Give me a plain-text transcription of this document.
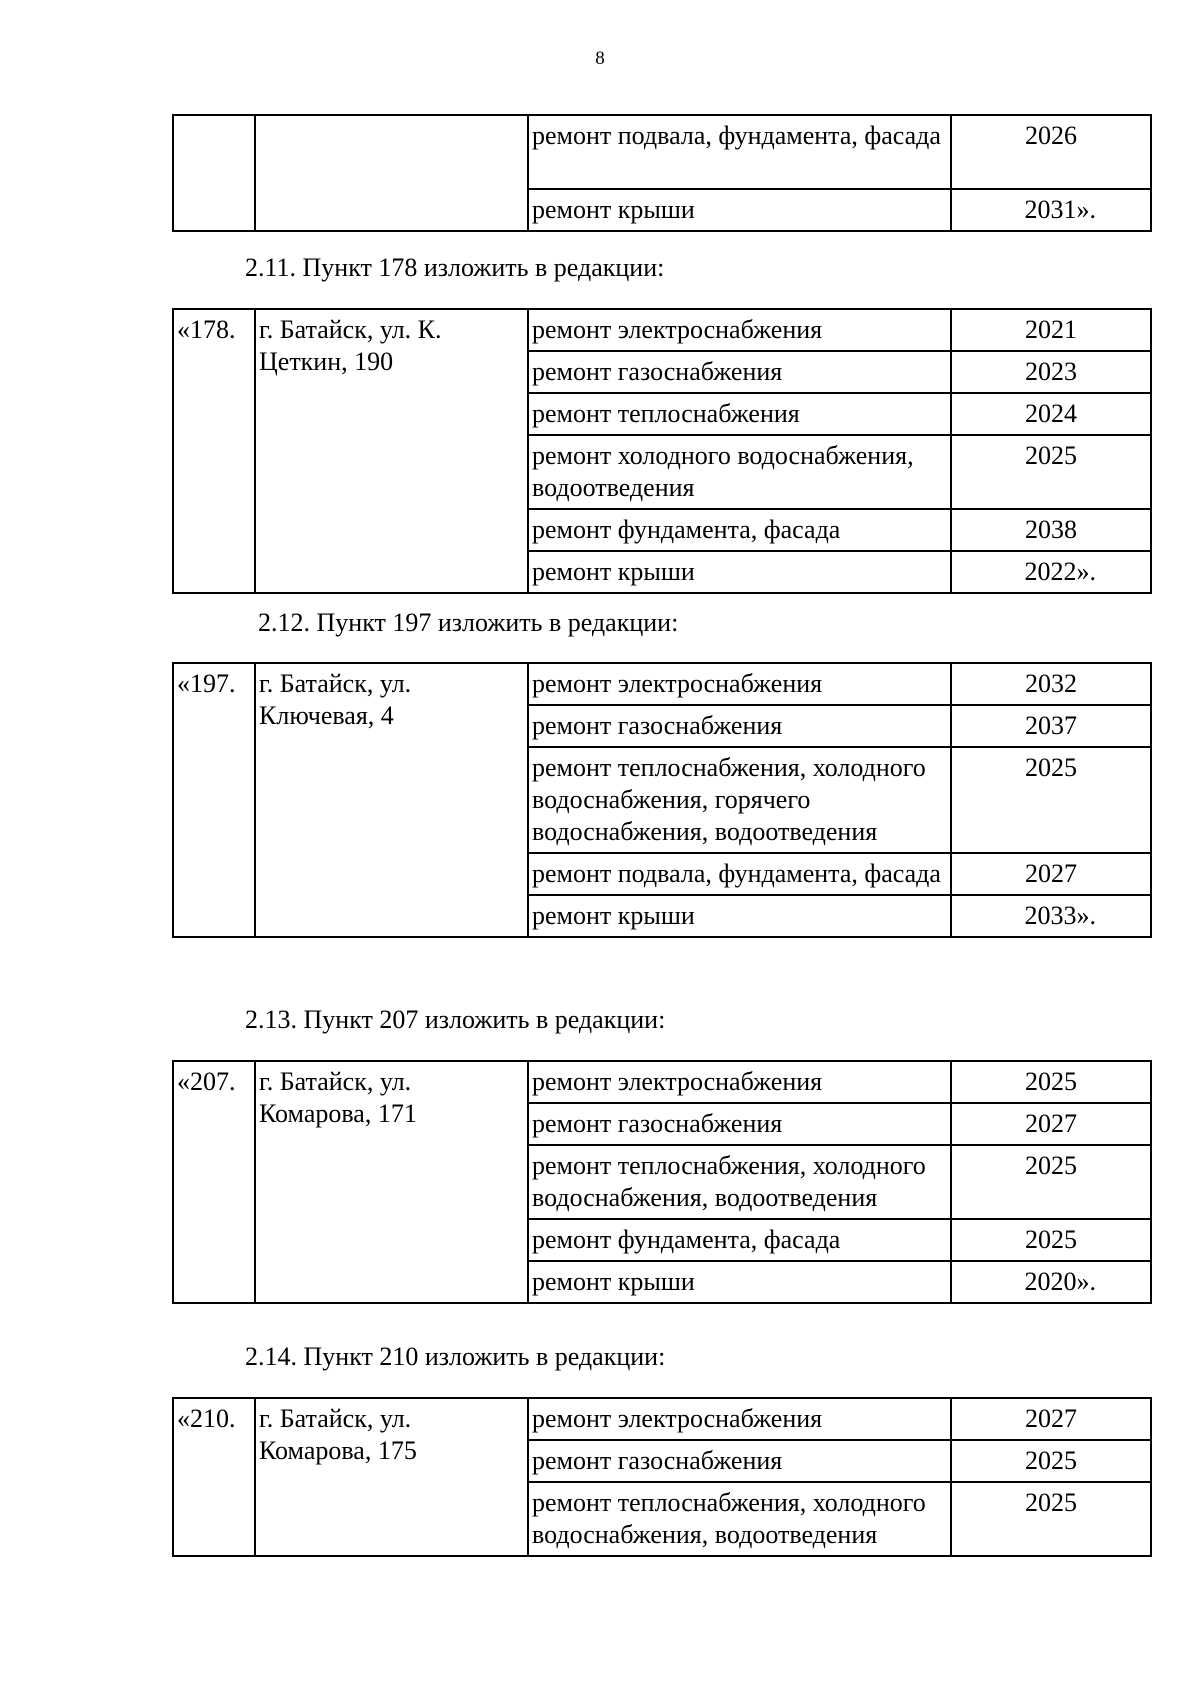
8
		ремонт подвала, фундамента, фасада	2026
		ремонт крыши	2031».
2.11. Пункт 178 изложить в редакции:
«178.	г. Батайск, ул. К. Цеткин, 190	ремонт электроснабжения	2021
		ремонт газоснабжения	2023
		ремонт теплоснабжения	2024
		ремонт холодного водоснабжения, водоотведения	2025
		ремонт фундамента, фасада	2038
		ремонт крыши	2022».
2.12. Пункт 197 изложить в редакции:
«197.	г. Батайск, ул. Ключевая, 4	ремонт электроснабжения	2032
		ремонт газоснабжения	2037
		ремонт теплоснабжения, холодного водоснабжения, горячего водоснабжения, водоотведения	2025
		ремонт подвала, фундамента, фасада	2027
		ремонт крыши	2033».
2.13. Пункт 207 изложить в редакции:
«207.	г. Батайск, ул. Комарова, 171	ремонт электроснабжения	2025
		ремонт газоснабжения	2027
		ремонт теплоснабжения, холодного водоснабжения, водоотведения	2025
		ремонт фундамента, фасада	2025
		ремонт крыши	2020».
2.14. Пункт 210 изложить в редакции:
«210.	г. Батайск, ул. Комарова, 175	ремонт электроснабжения	2027
		ремонт газоснабжения	2025
		ремонт теплоснабжения, холодного водоснабжения, водоотведения	2025
